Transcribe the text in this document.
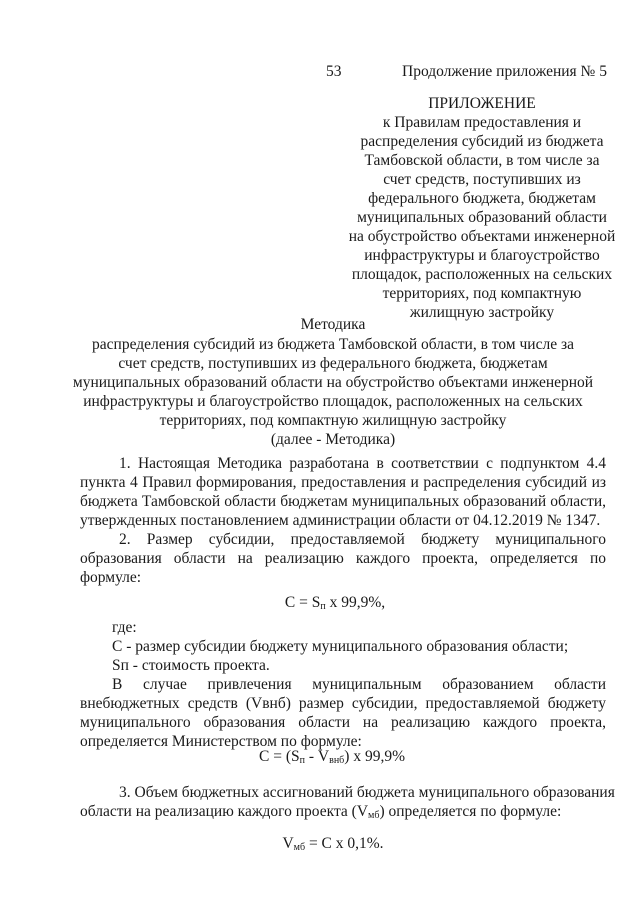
53	Продолжение приложения № 5
ПРИЛОЖЕНИЕ
к Правилам предоставления и
распределения субсидий из бюджета
Тамбовской области, в том числе за
счет средств, поступивших из
федерального бюджета, бюджетам
муниципальных образований области
на обустройство объектами инженерной
инфраструктуры и благоустройство
площадок, расположенных на сельских
территориях, под компактную
жилищную застройку
Методика
распределения субсидий из бюджета Тамбовской области, в том числе за
счет средств, поступивших из федерального бюджета, бюджетам
муниципальных образований области на обустройство объектами инженерной
инфраструктуры и благоустройство площадок, расположенных на сельских
территориях, под компактную жилищную застройку
(далее - Методика)
1. Настоящая Методика разработана в соответствии с подпунктом 4.4
пункта 4 Правил формирования, предоставления и распределения субсидий из
бюджета Тамбовской области бюджетам муниципальных образований области,
утвержденных постановлением администрации области от 04.12.2019 № 1347.
2. Размер субсидии, предоставляемой бюджету муниципального
образования области на реализацию каждого проекта, определяется по
формуле:
$C = S_п$ x 99,9%,
где:
С - размер субсидии бюджету муниципального образования области;
Sп - стоимость проекта.
В случае привлечения муниципальным образованием области
внебюджетных средств (Vвнб) размер субсидии, предоставляемой бюджету
муниципального образования области на реализацию каждого проекта,
определяется Министерством по формуле:
$C = (S_п - V_{внб})$ x 99,9%
3. Объем бюджетных ассигнований бюджета муниципального образования
области на реализацию каждого проекта $(V_{мб})$ определяется по формуле:
$V_{мб} = C$ x 0,1%.
